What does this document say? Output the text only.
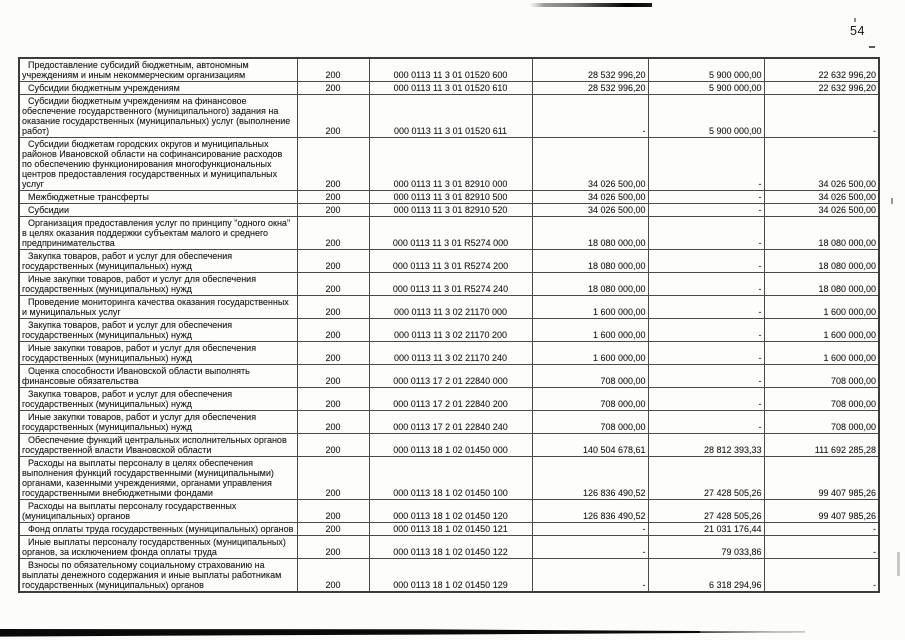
54
Предоставление субсидий бюджетным, автономным учреждениям и иным некоммерческим организациям	200	000 0113 11 3 01 01520 600	28 532 996,20	5 900 000,00	22 632 996,20
Субсидии бюджетным учреждениям	200	000 0113 11 3 01 01520 610	28 532 996,20	5 900 000,00	22 632 996,20
Субсидии бюджетным учреждениям на финансовое обеспечение государственного (муниципального) задания на оказание государственных (муниципальных) услуг (выполнение работ)	200	000 0113 11 3 01 01520 611	-	5 900 000,00	-
Субсидии бюджетам городских округов и муниципальных районов Ивановской области на софинансирование расходов по обеспечению функционирования многофункциональных центров предоставления государственных и муниципальных услуг	200	000 0113 11 3 01 82910 000	34 026 500,00	-	34 026 500,00
Межбюджетные трансферты	200	000 0113 11 3 01 82910 500	34 026 500,00	-	34 026 500,00
Субсидии	200	000 0113 11 3 01 82910 520	34 026 500,00	-	34 026 500,00
Организация предоставления услуг по принципу "одного окна" в целях оказания поддержки субъектам малого и среднего предпринимательства	200	000 0113 11 3 01 R5274 000	18 080 000,00	-	18 080 000,00
Закупка товаров, работ и услуг для обеспечения государственных (муниципальных) нужд	200	000 0113 11 3 01 R5274 200	18 080 000,00	-	18 080 000,00
Иные закупки товаров, работ и услуг для обеспечения государственных (муниципальных) нужд	200	000 0113 11 3 01 R5274 240	18 080 000,00	-	18 080 000,00
Проведение мониторинга качества оказания государственных и муниципальных услуг	200	000 0113 11 3 02 21170 000	1 600 000,00	-	1 600 000,00
Закупка товаров, работ и услуг для обеспечения государственных (муниципальных) нужд	200	000 0113 11 3 02 21170 200	1 600 000,00	-	1 600 000,00
Иные закупки товаров, работ и услуг для обеспечения государственных (муниципальных) нужд	200	000 0113 11 3 02 21170 240	1 600 000,00	-	1 600 000,00
Оценка способности Ивановской области выполнять финансовые обязательства	200	000 0113 17 2 01 22840 000	708 000,00	-	708 000,00
Закупка товаров, работ и услуг для обеспечения государственных (муниципальных) нужд	200	000 0113 17 2 01 22840 200	708 000,00	-	708 000,00
Иные закупки товаров, работ и услуг для обеспечения государственных (муниципальных) нужд	200	000 0113 17 2 01 22840 240	708 000,00	-	708 000,00
Обеспечение функций центральных исполнительных органов государственной власти Ивановской области	200	000 0113 18 1 02 01450 000	140 504 678,61	28 812 393,33	111 692 285,28
Расходы на выплаты персоналу в целях обеспечения выполнения функций государственными (муниципальными) органами, казенными учреждениями, органами управления государственными внебюджетными фондами	200	000 0113 18 1 02 01450 100	126 836 490,52	27 428 505,26	99 407 985,26
Расходы на выплаты персоналу государственных (муниципальных) органов	200	000 0113 18 1 02 01450 120	126 836 490,52	27 428 505,26	99 407 985,26
Фонд оплаты труда государственных (муниципальных) органов	200	000 0113 18 1 02 01450 121	-	21 031 176,44	-
Иные выплаты персоналу государственных (муниципальных) органов, за исключением фонда оплаты труда	200	000 0113 18 1 02 01450 122	-	79 033,86	-
Взносы по обязательному социальному страхованию на выплаты денежного содержания и иные выплаты работникам государственных (муниципальных) органов	200	000 0113 18 1 02 01450 129	-	6 318 294,96	-
